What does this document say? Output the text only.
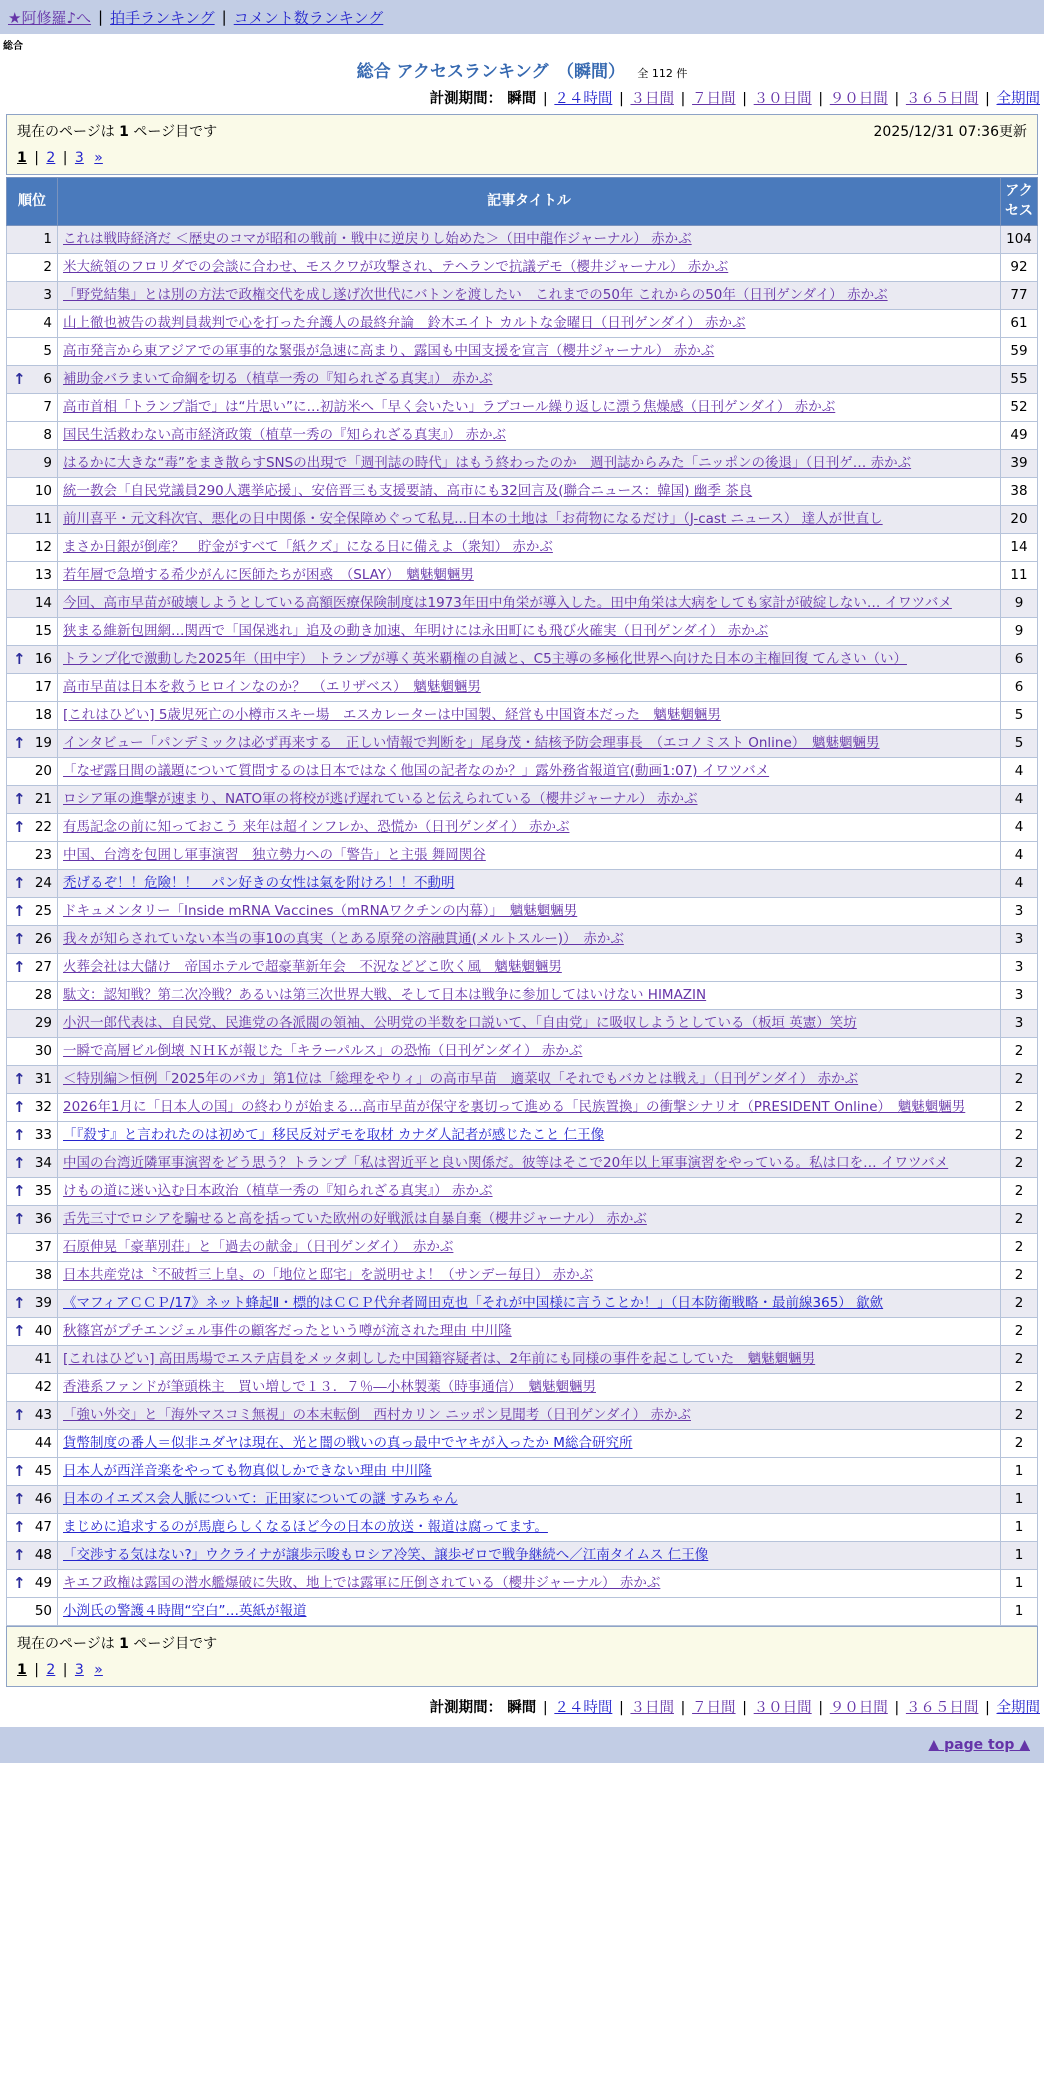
★阿修羅♪へ | 拍手ランキング | コメント数ランキング
総合
総合 アクセスランキング　（瞬間） 全 112 件
計測期間： 瞬間 | ２４時間 | ３日間 | ７日間 | ３０日間 | ９０日間 | ３６５日間 | 全期間
現在のページは 1 ページ目です	2025/12/31 07:36更新
1 | 2 | 3 »
順位	記事タイトル	アクセス

1	これは戦時経済だ ＜歴史のコマが昭和の戦前・戦中に逆戻りし始めた＞（田中龍作ジャーナル） 赤かぶ	104

2	米大統領のフロリダでの会談に合わせ、モスクワが攻撃され、テヘランで抗議デモ（櫻井ジャーナル） 赤かぶ	92

3	「野党結集」とは別の方法で政権交代を成し遂げ次世代にバトンを渡したい　これまでの50年 これからの50年（日刊ゲンダイ） 赤かぶ	77

4	山上徹也被告の裁判員裁判で心を打った弁護人の最終弁論　鈴木エイト カルトな金曜日（日刊ゲンダイ） 赤かぶ	61

5	高市発言から東アジアでの軍事的な緊張が急速に高まり、露国も中国支援を宣言（櫻井ジャーナル） 赤かぶ	59

↑ 6	補助金バラまいて命綱を切る（植草一秀の『知られざる真実』） 赤かぶ	55

7	高市首相「トランプ詣で」は“片思い”に…初訪米へ「早く会いたい」ラブコール繰り返しに漂う焦燥感（日刊ゲンダイ） 赤かぶ	52

8	国民生活救わない高市経済政策（植草一秀の『知られざる真実』） 赤かぶ	49

9	はるかに大きな“毒”をまき散らすSNSの出現で「週刊誌の時代」はもう終わったのか　週刊誌からみた「ニッポンの後退」（日刊ゲ… 赤かぶ	39

10	統一教会「自民党議員290人選挙応援」、安倍晋三も支援要請、高市にも32回言及(聯合ニュース：韓国) 幽季 茶良	38

11	前川喜平・元文科次官、悪化の日中関係・安全保障めぐって私見...日本の土地は「お荷物になるだけ」（J-cast ニュース） 達人が世直し	20

12	まさか日銀が倒産？　貯金がすべて「紙クズ」になる日に備えよ（衆知） 赤かぶ	14

13	若年層で急増する希少がんに医師たちが困惑　（SLAY）　魑魅魍魎男	11

14	今回、高市早苗が破壊しようとしている高額医療保険制度は1973年田中角栄が導入した。田中角栄は大病をしても家計が破綻しない… イワツバメ	9

15	狭まる維新包囲網…関西で「国保逃れ」追及の動き加速、年明けには永田町にも飛び火確実（日刊ゲンダイ） 赤かぶ	9

↑ 16	トランプ化で激動した2025年（田中宇） トランプが導く英米覇権の自滅と、C5主導の多極化世界へ向けた日本の主権回復 てんさい（い）	6

17	高市早苗は日本を救うヒロインなのか？　（エリザベス）　魑魅魍魎男	6

18	[これはひどい] 5歳児死亡の小樽市スキー場　エスカレーターは中国製、経営も中国資本だった　魑魅魍魎男	5

↑ 19	インタビュー「パンデミックは必ず再来する　正しい情報で判断を」尾身茂・結核予防会理事長　（エコノミスト Online）　魑魅魍魎男	5

20	「なぜ露日間の議題について質問するのは日本ではなく他国の記者なのか？」露外務省報道官(動画1:07) イワツバメ	4

↑ 21	ロシア軍の進撃が速まり、NATO軍の将校が逃げ遅れていると伝えられている（櫻井ジャーナル） 赤かぶ	4

↑ 22	有馬記念の前に知っておこう 来年は超インフレか、恐慌か（日刊ゲンダイ） 赤かぶ	4

23	中国、台湾を包囲し軍事演習　独立勢力への「警告」と主張 舞岡関谷	4

↑ 24	禿げるぞ！！危險！！　パン好きの女性は氣を附けろ！！不動明	4

↑ 25	ドキュメンタリー「Inside mRNA Vaccines（mRNAワクチンの内幕）」　魑魅魍魎男	3

↑ 26	我々が知らされていない本当の事10の真実（とある原発の溶融貫通(メルトスルー)）　赤かぶ	3

↑ 27	火葬会社は大儲け　帝国ホテルで超豪華新年会　不況などどこ吹く風　魑魅魍魎男	3

28	駄文：認知戦？第二次冷戦？あるいは第三次世界大戦、そして日本は戦争に参加してはいけない HIMAZIN	3

29	小沢一郎代表は、自民党、民進党の各派閥の領袖、公明党の半数を口説いて、「自由党」に吸収しようとしている（板垣 英憲）笑坊	3

30	一瞬で高層ビル倒壊 ＮＨＫが報じた「キラーパルス」の恐怖（日刊ゲンダイ） 赤かぶ	2

↑ 31	＜特別編＞恒例「2025年のバカ」第1位は「総理をやりィ」の高市早苗　適菜収「それでもバカとは戦え」（日刊ゲンダイ） 赤かぶ	2

↑ 32	2026年1月に「日本人の国」の終わりが始まる…高市早苗が保守を裏切って進める「民族置換」の衝撃シナリオ（PRESIDENT Online）　魑魅魍魎男	2

↑ 33	「『殺す』と言われたのは初めて」移民反対デモを取材 カナダ人記者が感じたこと 仁王像	2

↑ 34	中国の台湾近隣軍事演習をどう思う？トランプ「私は習近平と良い関係だ。彼等はそこで20年以上軍事演習をやっている。私は口を… イワツバメ	2

↑ 35	けもの道に迷い込む日本政治（植草一秀の『知られざる真実』） 赤かぶ	2

↑ 36	舌先三寸でロシアを騙せると高を括っていた欧州の好戦派は自暴自棄（櫻井ジャーナル） 赤かぶ	2

37	石原伸晃「豪華別荘」と「過去の献金」（日刊ゲンダイ）　赤かぶ	2

38	日本共産党は〝不破哲三上皇〟の「地位と邸宅」を説明せよ！（サンデー毎日） 赤かぶ	2

↑ 39	《マフィアＣＣＰ/17》ネット蜂起Ⅱ・標的はＣＣＰ代弁者岡田克也「それが中国様に言うことか！」（日本防衛戦略・最前線365） 歙歛	2

↑ 40	秋篠宮がプチエンジェル事件の顧客だったという噂が流された理由 中川隆	2

41	[これはひどい] 高田馬場でエステ店員をメッタ刺しした中国籍容疑者は、2年前にも同様の事件を起こしていた　魑魅魍魎男	2

42	香港系ファンドが筆頭株主　買い増しで１３．７％―小林製薬（時事通信）　魑魅魍魎男	2

↑ 43	「強い外交」と「海外マスコミ無視」の本末転倒　西村カリン ニッポン見聞考（日刊ゲンダイ） 赤かぶ	2

44	貨幣制度の番人＝似非ユダヤは現在、光と闇の戦いの真っ最中でヤキが入ったか M総合研究所	2

↑ 45	日本人が西洋音楽をやっても物真似しかできない理由 中川隆	1

↑ 46	日本のイエズス会人脈について：正田家についての謎 すみちゃん	1

↑ 47	まじめに追求するのが馬鹿らしくなるほど今の日本の放送・報道は腐ってます。	1

↑ 48	「交渉する気はない?」ウクライナが譲歩示唆もロシア冷笑、譲歩ゼロで戦争継続へ／江南タイムス 仁王像	1

↑ 49	キエフ政権は露国の潜水艦爆破に失敗、地上では露軍に圧倒されている（櫻井ジャーナル） 赤かぶ	1

50	小渕氏の警護４時間“空白”…英紙が報道	1
現在のページは 1 ページ目です
1 | 2 | 3 »
計測期間： 瞬間 | ２４時間 | ３日間 | ７日間 | ３０日間 | ９０日間 | ３６５日間 | 全期間
▲ page top ▲
